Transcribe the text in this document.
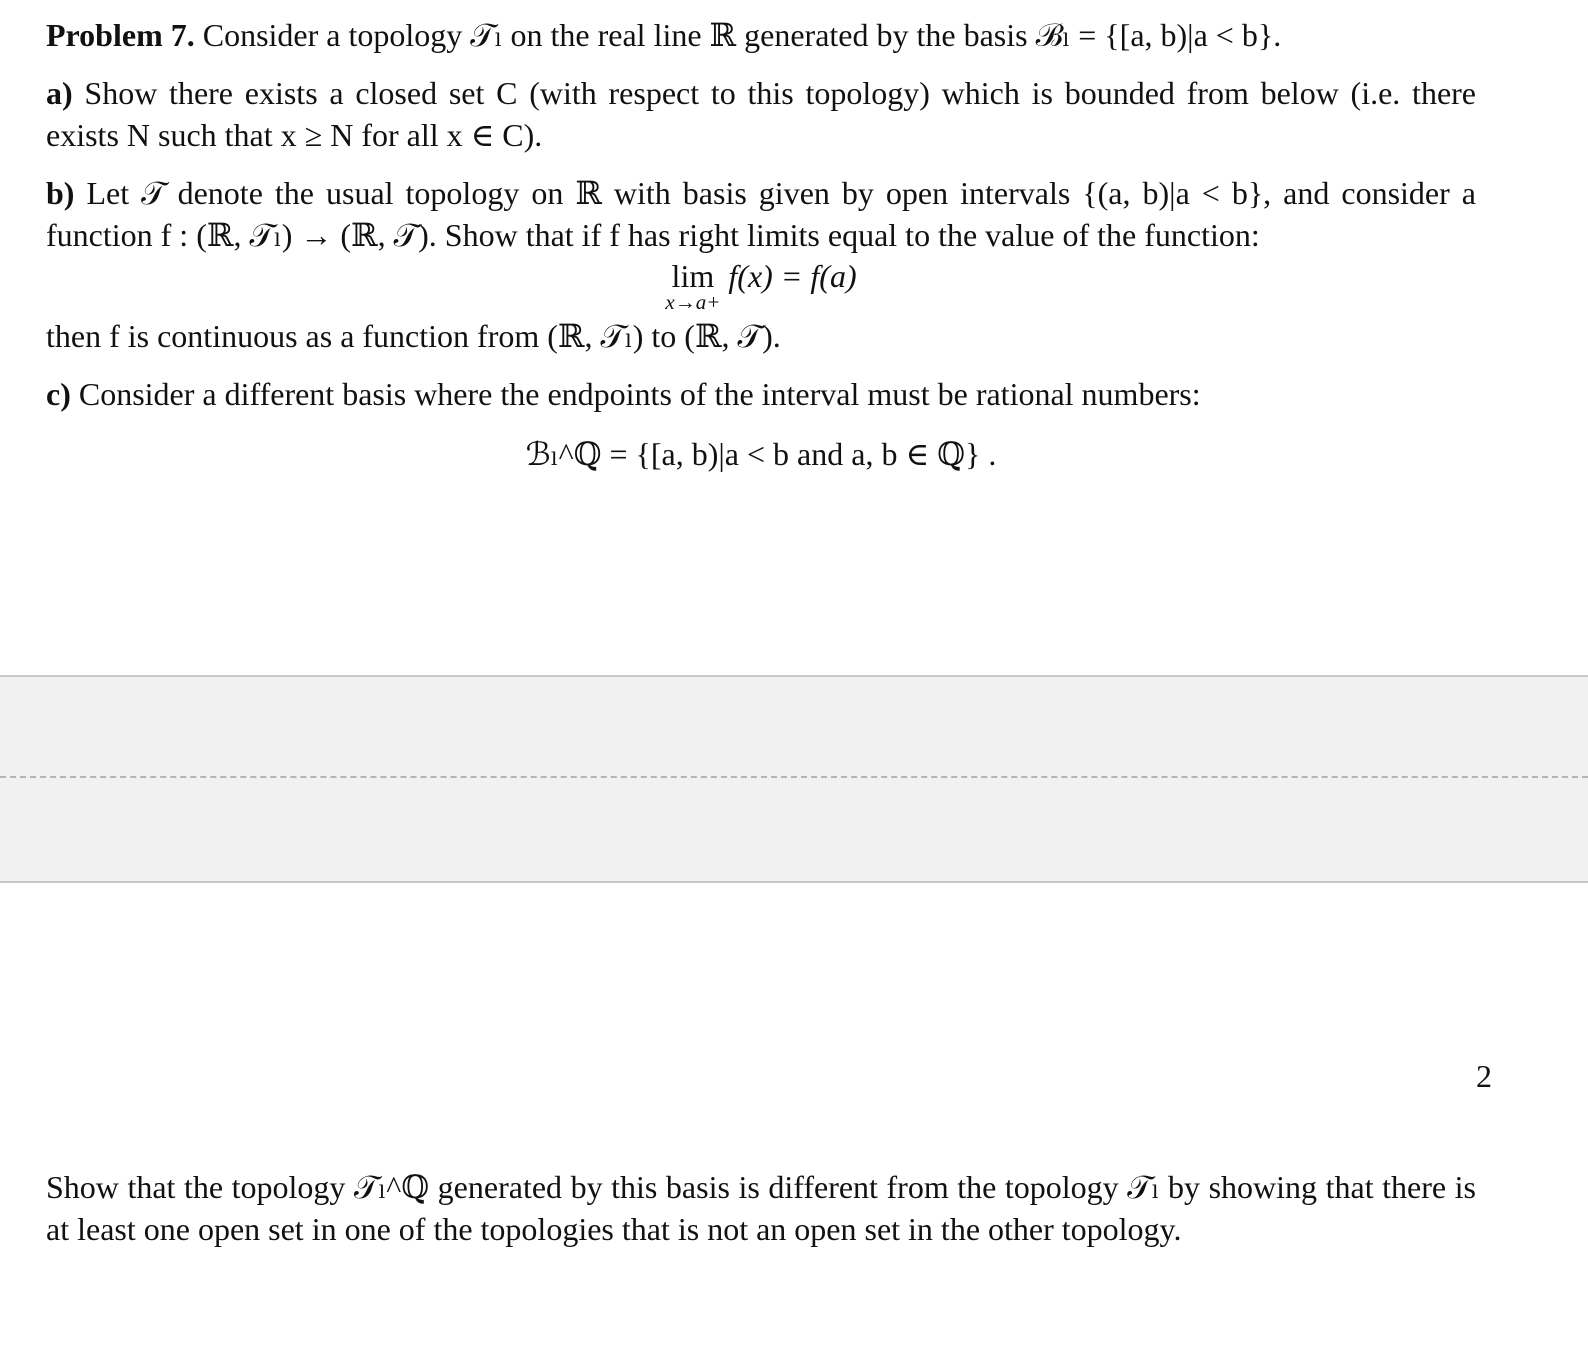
Problem 7. Consider a topology 𝒯ₗ on the real line ℝ generated by the basis ℬₗ = {[a, b)|a < b}.

a) Show there exists a closed set C (with respect to this topology) which is bounded from below (i.e. there exists N such that x ≥ N for all x ∈ C).

b) Let 𝒯 denote the usual topology on ℝ with basis given by open intervals {(a, b)|a < b}, and consider a function f : (ℝ, 𝒯ₗ) → (ℝ, 𝒯). Show that if f has right limits equal to the value of the function:

lim
x→a+
f(x) = f(a)

then f is continuous as a function from (ℝ, 𝒯ₗ) to (ℝ, 𝒯).

c) Consider a different basis where the endpoints of the interval must be rational numbers:

ℬₗ^ℚ = {[a, b)|a < b and a, b ∈ ℚ} .

2

Show that the topology 𝒯ₗ^ℚ generated by this basis is different from the topology 𝒯ₗ by showing that there is at least one open set in one of the topologies that is not an open set in the other topology.
